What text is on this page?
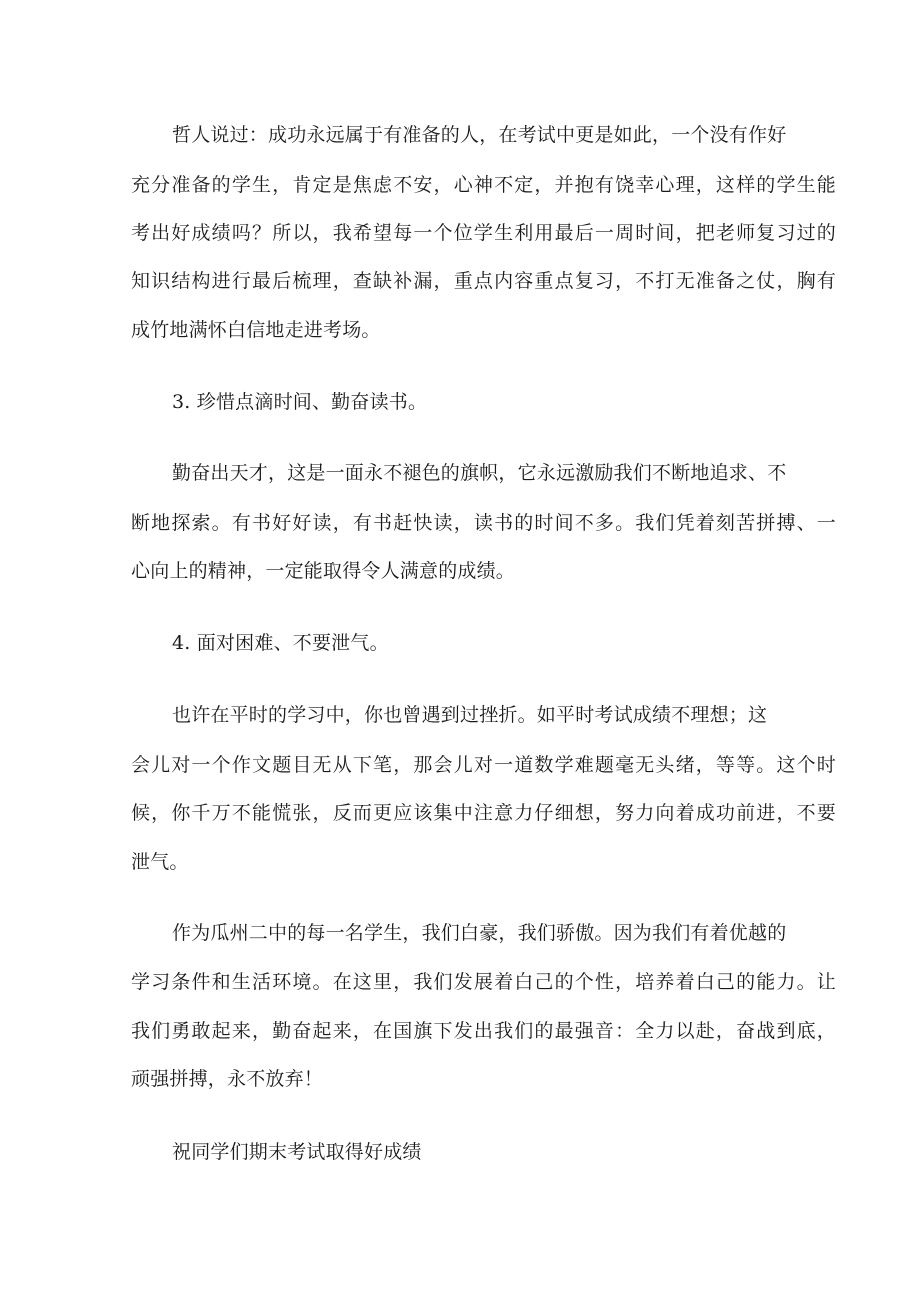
哲人说过：成功永远属于有准备的人，在考试中更是如此，一个没有作好
充分准备的学生，肯定是焦虑不安，心神不定，并抱有饶幸心理，这样的学生能
考出好成绩吗？所以，我希望每一个位学生利用最后一周时间，把老师复习过的
知识结构进行最后梳理，查缺补漏，重点内容重点复习，不打无准备之仗，胸有
成竹地满怀白信地走进考场。
3. 珍惜点滴时间、勤奋读书。
勤奋出天才，这是一面永不褪色的旗帜，它永远激励我们不断地追求、不
断地探索。有书好好读，有书赶快读，读书的时间不多。我们凭着刻苦拼搏、一
心向上的精神，一定能取得令人满意的成绩。
4. 面对困难、不要泄气。
也许在平时的学习中，你也曾遇到过挫折。如平时考试成绩不理想；这
会儿对一个作文题目无从下笔，那会儿对一道数学难题毫无头绪，等等。这个时
候，你千万不能慌张，反而更应该集中注意力仔细想，努力向着成功前进，不要
泄气。
作为瓜州二中的每一名学生，我们白豪，我们骄傲。因为我们有着优越的
学习条件和生活环境。在这里，我们发展着白己的个性，培养着白己的能力。让
我们勇敢起来，勤奋起来，在国旗下发出我们的最强音：全力以赴，奋战到底，
顽强拼搏，永不放弃！
祝同学们期末考试取得好成绩
